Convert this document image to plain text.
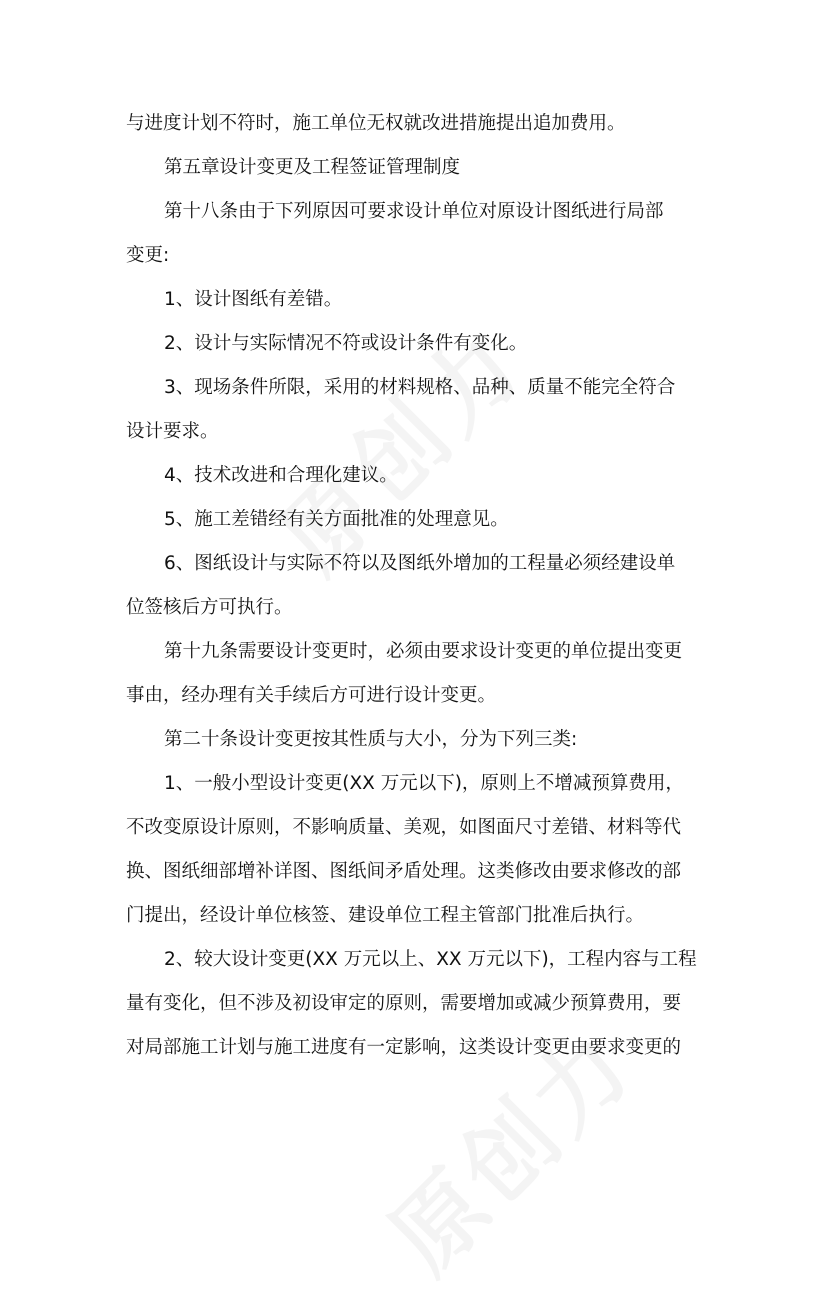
与进度计划不符时，施工单位无权就改进措施提出追加费用。
第五章设计变更及工程签证管理制度
第十八条由于下列原因可要求设计单位对原设计图纸进行局部
变更:
1、设计图纸有差错。
2、设计与实际情况不符或设计条件有变化。
3、现场条件所限，采用的材料规格、品种、质量不能完全符合
设计要求。
4、技术改进和合理化建议。
5、施工差错经有关方面批准的处理意见。
6、图纸设计与实际不符以及图纸外增加的工程量必须经建设单
位签核后方可执行。
第十九条需要设计变更时，必须由要求设计变更的单位提出变更
事由，经办理有关手续后方可进行设计变更。
第二十条设计变更按其性质与大小，分为下列三类:
1、一般小型设计变更(XX 万元以下)，原则上不增减预算费用，
不改变原设计原则，不影响质量、美观，如图面尺寸差错、材料等代
换、图纸细部增补详图、图纸间矛盾处理。这类修改由要求修改的部
门提出，经设计单位核签、建设单位工程主管部门批准后执行。
2、较大设计变更(XX 万元以上、XX 万元以下)，工程内容与工程
量有变化，但不涉及初设审定的原则，需要增加或减少预算费用，要
对局部施工计划与施工进度有一定影响，这类设计变更由要求变更的
